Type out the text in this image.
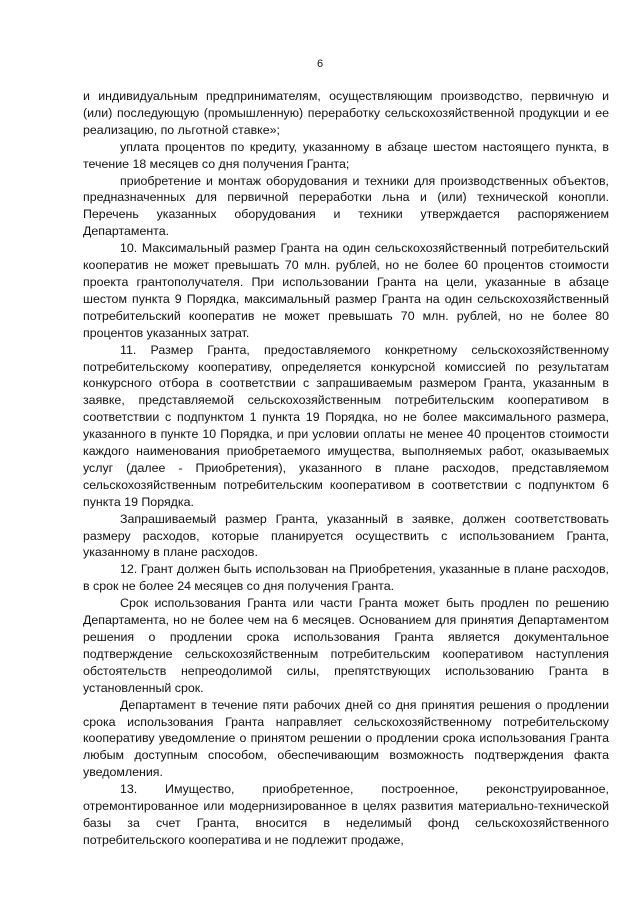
6

и индивидуальным предпринимателям, осуществляющим производство, первичную и (или) последующую (промышленную) переработку сельскохозяйственной продукции и ее реализацию, по льготной ставке»;

уплата процентов по кредиту, указанному в абзаце шестом настоящего пункта, в течение 18 месяцев со дня получения Гранта;

приобретение и монтаж оборудования и техники для производственных объектов, предназначенных для первичной переработки льна и (или) технической конопли. Перечень указанных оборудования и техники утверждается распоряжением Департамента.

10. Максимальный размер Гранта на один сельскохозяйственный потребительский кооператив не может превышать 70 млн. рублей, но не более 60 процентов стоимости проекта грантополучателя. При использовании Гранта на цели, указанные в абзаце шестом пункта 9 Порядка, максимальный размер Гранта на один сельскохозяйственный потребительский кооператив не может превышать 70 млн. рублей, но не более 80 процентов указанных затрат.

11. Размер Гранта, предоставляемого конкретному сельскохозяйственному потребительскому кооперативу, определяется конкурсной комиссией по результатам конкурсного отбора в соответствии с запрашиваемым размером Гранта, указанным в заявке, представляемой сельскохозяйственным потребительским кооперативом в соответствии с подпунктом 1 пункта 19 Порядка, но не более максимального размера, указанного в пункте 10 Порядка, и при условии оплаты не менее 40 процентов стоимости каждого наименования приобретаемого имущества, выполняемых работ, оказываемых услуг (далее - Приобретения), указанного в плане расходов, представляемом сельскохозяйственным потребительским кооперативом в соответствии с подпунктом 6 пункта 19 Порядка.

Запрашиваемый размер Гранта, указанный в заявке, должен соответствовать размеру расходов, которые планируется осуществить с использованием Гранта, указанному в плане расходов.

12. Грант должен быть использован на Приобретения, указанные в плане расходов, в срок не более 24 месяцев со дня получения Гранта.

Срок использования Гранта или части Гранта может быть продлен по решению Департамента, но не более чем на 6 месяцев. Основанием для принятия Департаментом решения о продлении срока использования Гранта является документальное подтверждение сельскохозяйственным потребительским кооперативом наступления обстоятельств непреодолимой силы, препятствующих использованию Гранта в установленный срок.

Департамент в течение пяти рабочих дней со дня принятия решения о продлении срока использования Гранта направляет сельскохозяйственному потребительскому кооперативу уведомление о принятом решении о продлении срока использования Гранта любым доступным способом, обеспечивающим возможность подтверждения факта уведомления.

13. Имущество, приобретенное, построенное, реконструированное, отремонтированное или модернизированное в целях развития материально-технической базы за счет Гранта, вносится в неделимый фонд сельскохозяйственного потребительского кооператива и не подлежит продаже,
